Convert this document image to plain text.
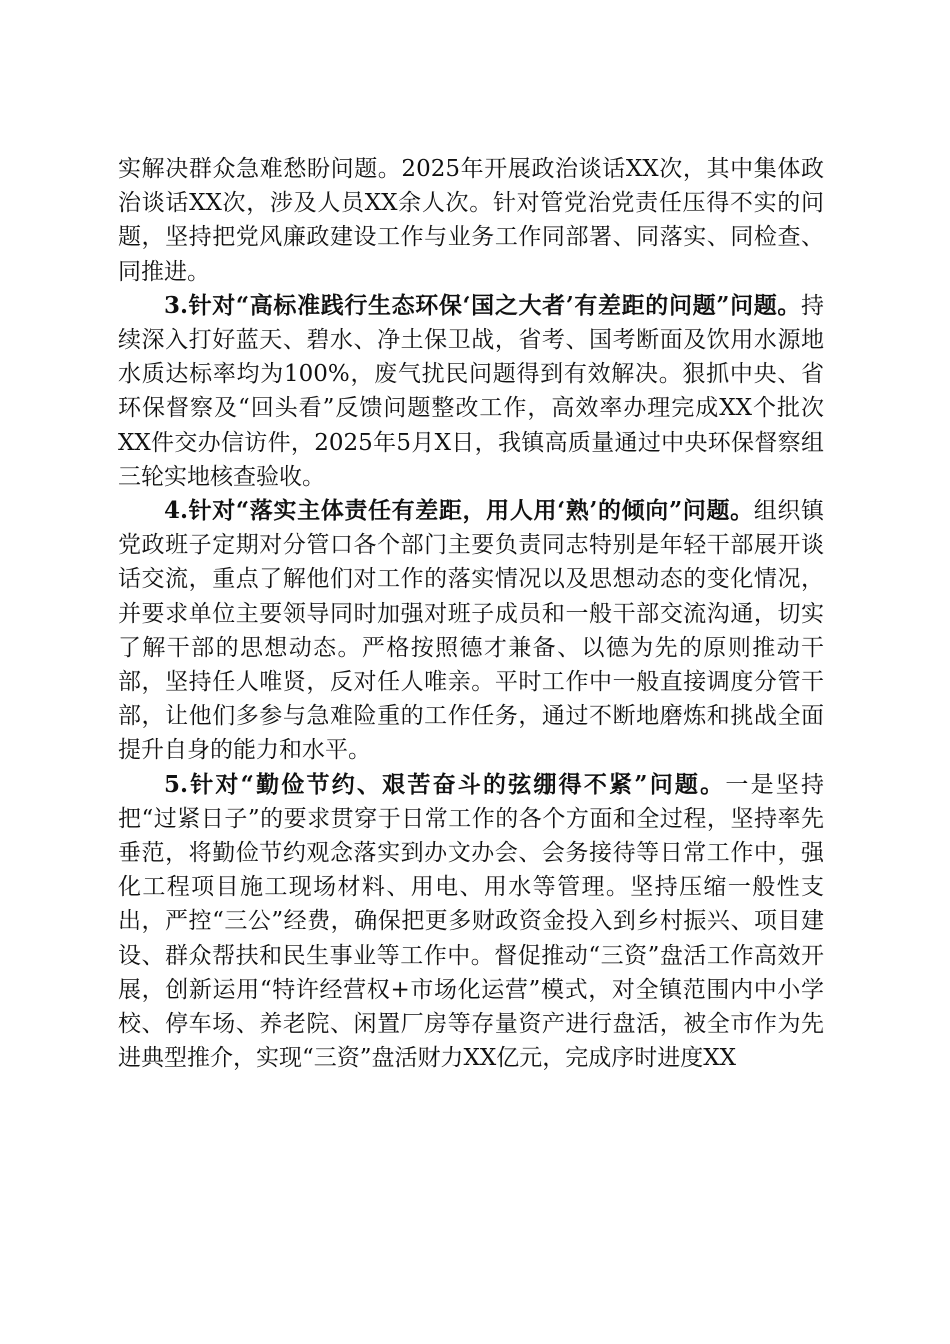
实解决群众急难愁盼问题。2025年开展政治谈话XX次，其中集体政治谈话XX次，涉及人员XX余人次。针对管党治党责任压得不实的问题，坚持把党风廉政建设工作与业务工作同部署、同落实、同检查、同推进。

3.针对“高标准践行生态环保‘国之大者’有差距的问题”问题。持续深入打好蓝天、碧水、净土保卫战，省考、国考断面及饮用水源地水质达标率均为100%，废气扰民问题得到有效解决。狠抓中央、省环保督察及“回头看”反馈问题整改工作，高效率办理完成XX个批次XX件交办信访件，2025年5月X日，我镇高质量通过中央环保督察组三轮实地核查验收。

4.针对“落实主体责任有差距，用人用‘熟’的倾向”问题。组织镇党政班子定期对分管口各个部门主要负责同志特别是年轻干部展开谈话交流，重点了解他们对工作的落实情况以及思想动态的变化情况，并要求单位主要领导同时加强对班子成员和一般干部交流沟通，切实了解干部的思想动态。严格按照德才兼备、以德为先的原则推动干部，坚持任人唯贤，反对任人唯亲。平时工作中一般直接调度分管干部，让他们多参与急难险重的工作任务，通过不断地磨炼和挑战全面提升自身的能力和水平。

5.针对“勤俭节约、艰苦奋斗的弦绷得不紧”问题。一是坚持把“过紧日子”的要求贯穿于日常工作的各个方面和全过程，坚持率先垂范，将勤俭节约观念落实到办文办会、会务接待等日常工作中，强化工程项目施工现场材料、用电、用水等管理。坚持压缩一般性支出，严控“三公”经费，确保把更多财政资金投入到乡村振兴、项目建设、群众帮扶和民生事业等工作中。督促推动“三资”盘活工作高效开展，创新运用“特许经营权+市场化运营”模式，对全镇范围内中小学校、停车场、养老院、闲置厂房等存量资产进行盘活，被全市作为先进典型推介，实现“三资”盘活财力XX亿元，完成序时进度XX
